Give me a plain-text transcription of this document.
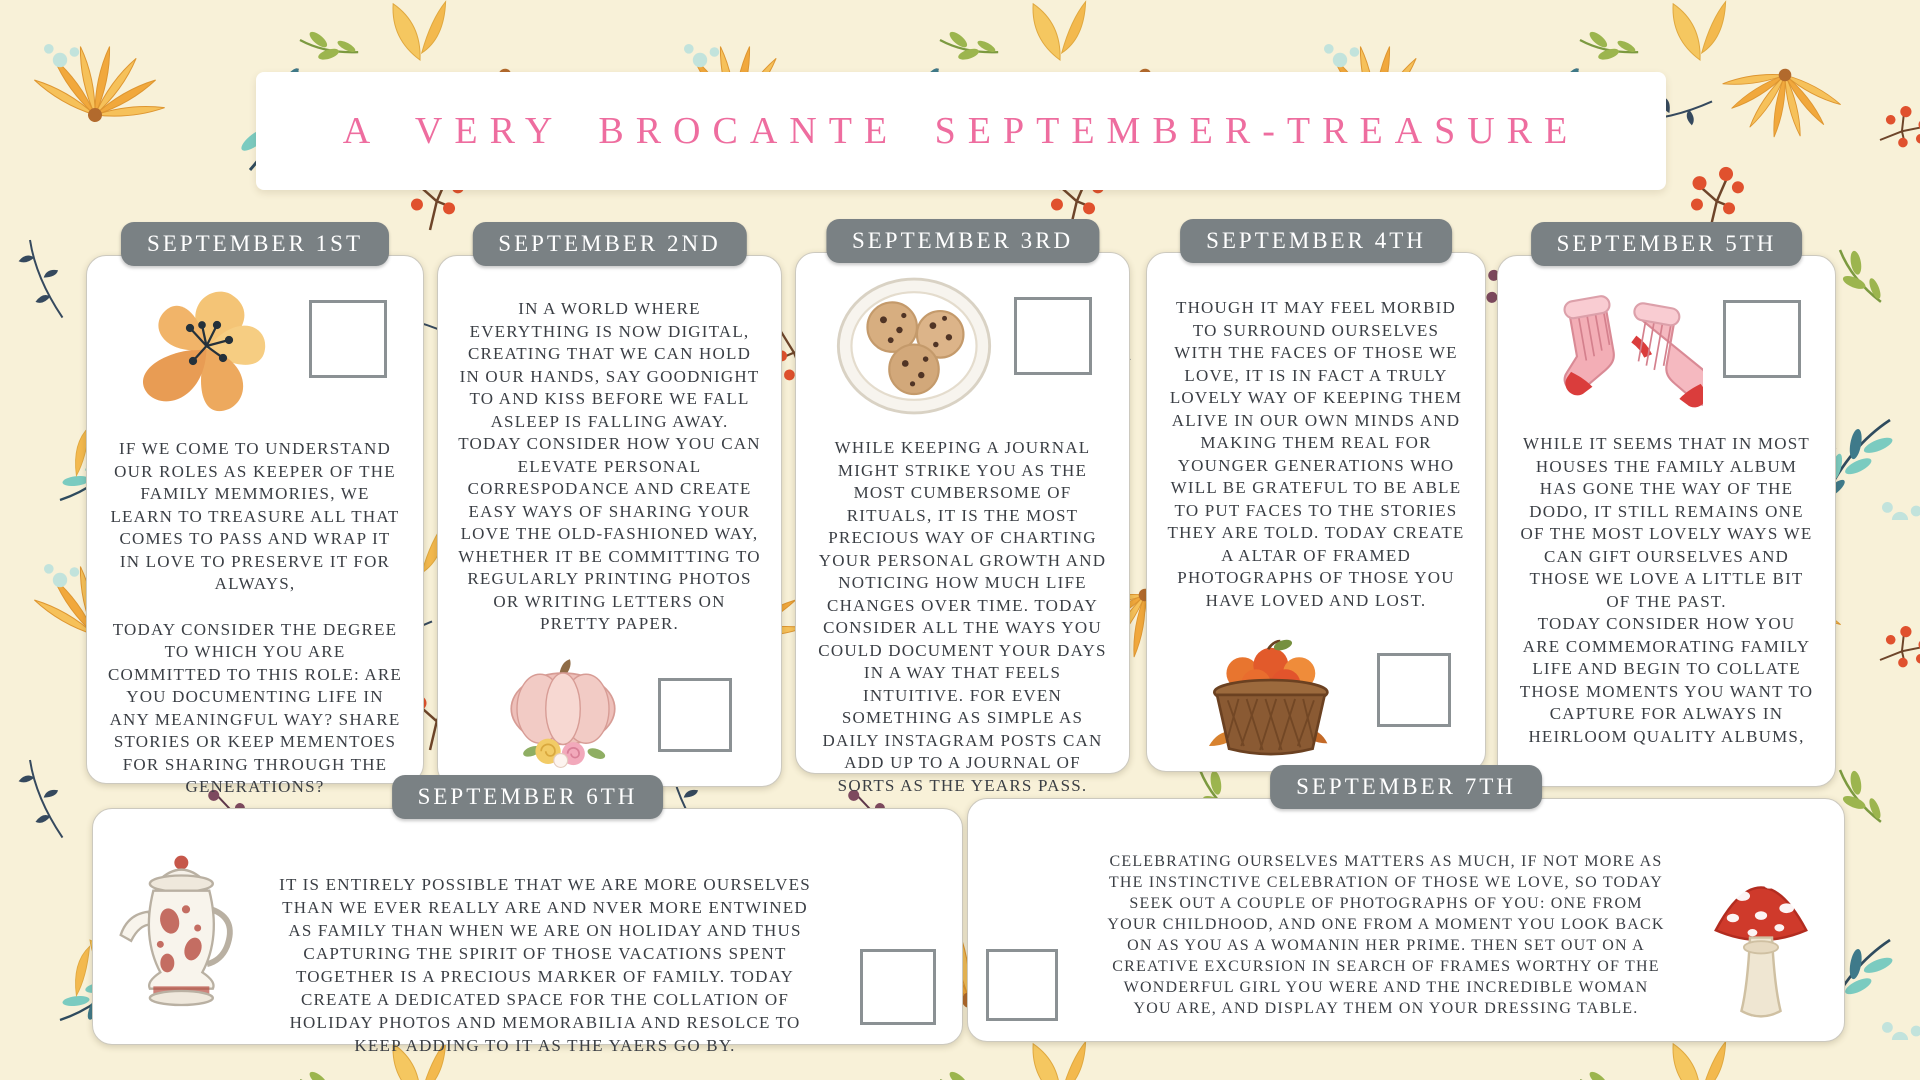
A VERY BROCANTE SEPTEMBER-TREASURE
SEPTEMBER 1ST

IF WE COME TO UNDERSTAND OUR ROLES AS KEEPER OF THE FAMILY MEMMORIES, WE LEARN TO TREASURE ALL THAT COMES TO PASS AND WRAP IT IN LOVE TO PRESERVE IT FOR ALWAYS,

TODAY CONSIDER THE DEGREE TO WHICH YOU ARE COMMITTED TO THIS ROLE: ARE YOU DOCUMENTING LIFE IN ANY MEANINGFUL WAY? SHARE STORIES OR KEEP MEMENTOES FOR SHARING THROUGH THE GENERATIONS?

SEPTEMBER 2ND

IN A WORLD WHERE EVERYTHING IS NOW DIGITAL, CREATING THAT WE CAN HOLD IN OUR HANDS, SAY GOODNIGHT TO AND KISS BEFORE WE FALL ASLEEP IS FALLING AWAY.

TODAY CONSIDER HOW YOU CAN ELEVATE PERSONAL CORRESPODANCE AND CREATE EASY WAYS OF SHARING YOUR LOVE THE OLD-FASHIONED WAY, WHETHER IT BE COMMITTING TO REGULARLY PRINTING PHOTOS OR WRITING LETTERS ON PRETTY PAPER.

SEPTEMBER 3RD

WHILE KEEPING A JOURNAL MIGHT STRIKE YOU AS THE MOST CUMBERSOME OF RITUALS, IT IS THE MOST PRECIOUS WAY OF CHARTING YOUR PERSONAL GROWTH AND NOTICING HOW MUCH LIFE CHANGES OVER TIME. TODAY CONSIDER ALL THE WAYS YOU COULD DOCUMENT YOUR DAYS IN A WAY THAT FEELS INTUITIVE. FOR EVEN SOMETHING AS SIMPLE AS DAILY INSTAGRAM POSTS CAN ADD UP TO A JOURNAL OF SORTS AS THE YEARS PASS.

SEPTEMBER 4TH

THOUGH IT MAY FEEL MORBID TO SURROUND OURSELVES WITH THE FACES OF THOSE WE LOVE, IT IS IN FACT A TRULY LOVELY WAY OF KEEPING THEM ALIVE IN OUR OWN MINDS AND MAKING THEM REAL FOR YOUNGER GENERATIONS WHO WILL BE GRATEFUL TO BE ABLE TO PUT FACES TO THE STORIES THEY ARE TOLD. TODAY CREATE A ALTAR OF FRAMED PHOTOGRAPHS OF THOSE YOU HAVE LOVED AND LOST.

SEPTEMBER 5TH

WHILE IT SEEMS THAT IN MOST HOUSES THE FAMILY ALBUM HAS GONE THE WAY OF THE DODO, IT STILL REMAINS ONE OF THE MOST LOVELY WAYS WE CAN GIFT OURSELVES AND THOSE WE LOVE A LITTLE BIT OF THE PAST.

TODAY CONSIDER HOW YOU ARE COMMEMORATING FAMILY LIFE AND BEGIN TO COLLATE THOSE MOMENTS YOU WANT TO CAPTURE FOR ALWAYS IN HEIRLOOM QUALITY ALBUMS,

SEPTEMBER 6TH

IT IS ENTIRELY POSSIBLE THAT WE ARE MORE OURSELVES THAN WE EVER REALLY ARE AND NVER MORE ENTWINED AS FAMILY THAN WHEN WE ARE ON HOLIDAY AND THUS CAPTURING THE SPIRIT OF THOSE VACATIONS SPENT TOGETHER IS A PRECIOUS MARKER OF FAMILY. TODAY CREATE A DEDICATED SPACE FOR THE COLLATION OF HOLIDAY PHOTOS AND MEMORABILIA AND RESOLCE TO KEEP ADDING TO IT AS THE YAERS GO BY.

SEPTEMBER 7TH

CELEBRATING OURSELVES MATTERS AS MUCH, IF NOT MORE AS THE INSTINCTIVE CELEBRATION OF THOSE WE LOVE, SO TODAY SEEK OUT A COUPLE OF PHOTOGRAPHS OF YOU: ONE FROM YOUR CHILDHOOD, AND ONE FROM A MOMENT YOU LOOK BACK ON AS YOU AS A WOMANIN HER PRIME. THEN SET OUT ON A CREATIVE EXCURSION IN SEARCH OF FRAMES WORTHY OF THE WONDERFUL GIRL YOU WERE AND THE INCREDIBLE WOMAN YOU ARE, AND DISPLAY THEM ON YOUR DRESSING TABLE.
